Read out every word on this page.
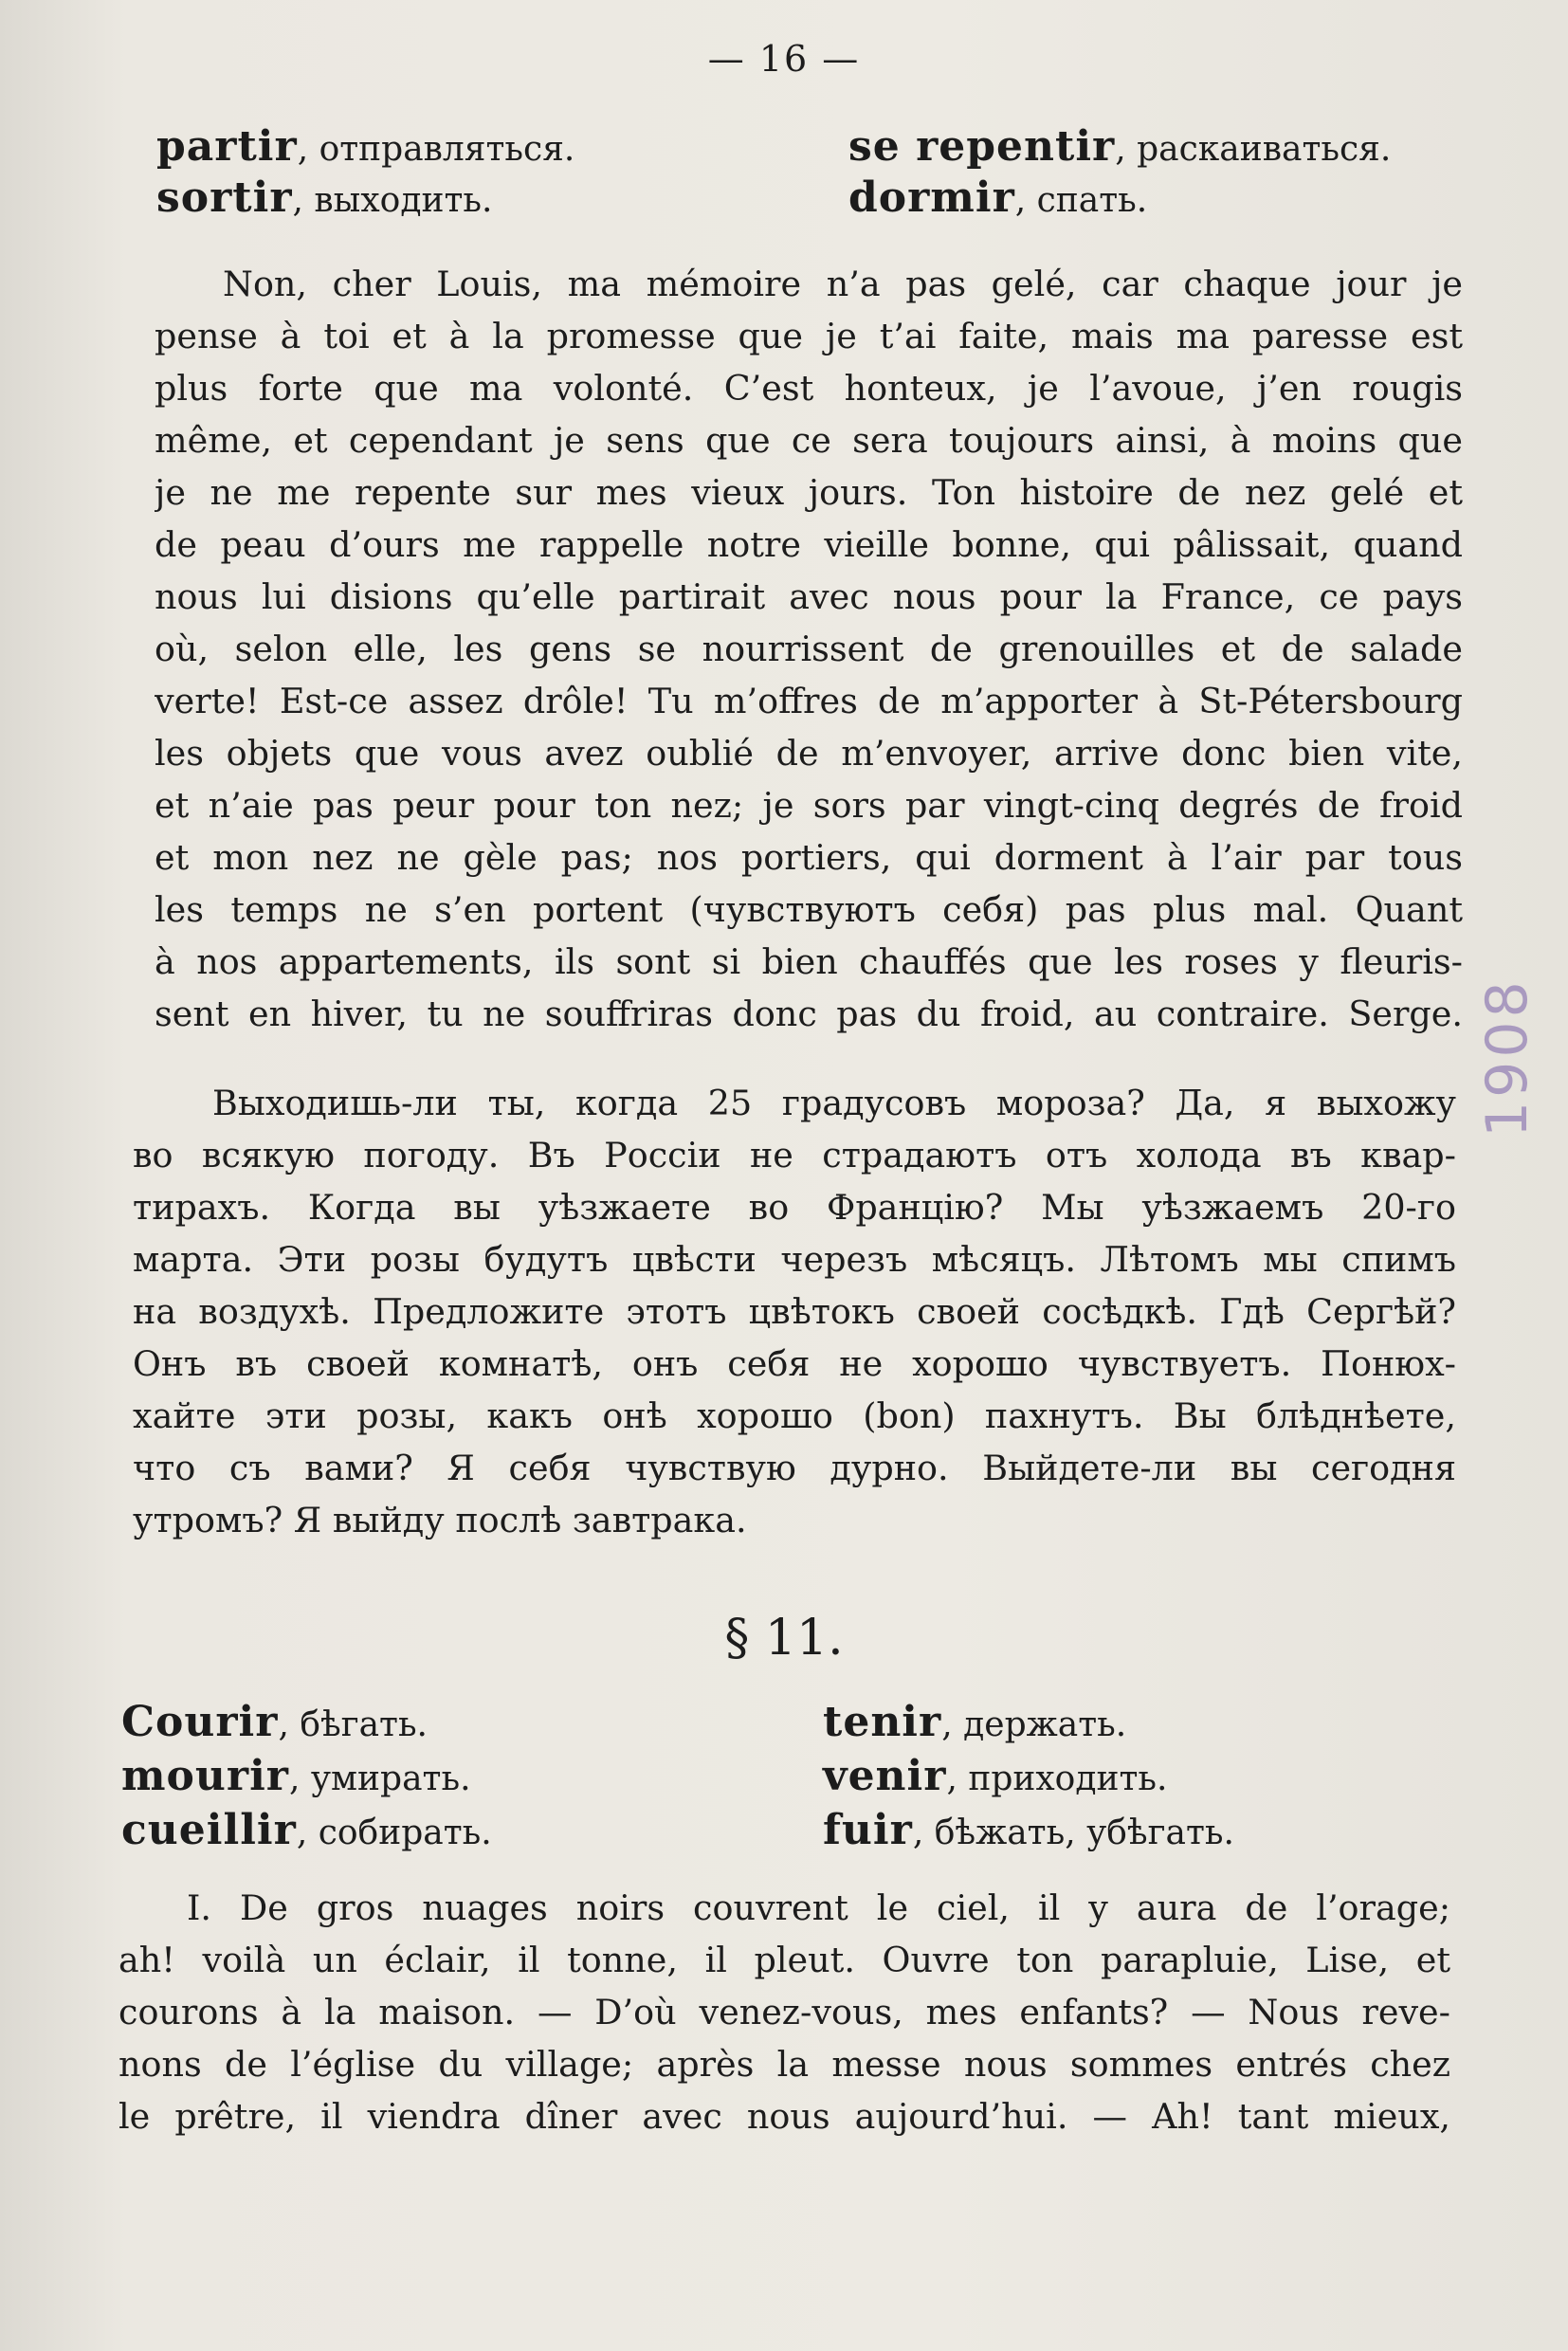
— 16 —
partir, отправляться.
sortir, выходить.
se repentir, раскаиваться.
dormir, спать.
Non, cher Louis, ma mémoire n’a pas gelé, car chaque jour je
pense à toi et à la promesse que je t’ai faite, mais ma paresse est
plus forte que ma volonté. C’est honteux, je l’avoue, j’en rougis
même, et cependant je sens que ce sera toujours ainsi, à moins que
je ne me repente sur mes vieux jours. Ton histoire de nez gelé et
de peau d’ours me rappelle notre vieille bonne, qui pâlissait, quand
nous lui disions qu’elle partirait avec nous pour la France, ce pays
où, selon elle, les gens se nourrissent de grenouilles et de salade
verte! Est-ce assez drôle! Tu m’offres de m’apporter à St-Pétersbourg
les objets que vous avez oublié de m’envoyer, arrive donc bien vite,
et n’aie pas peur pour ton nez; je sors par vingt-cinq degrés de froid
et mon nez ne gèle pas; nos portiers, qui dorment à l’air par tous
les temps ne s’en portent (чувствуютъ себя) pas plus mal. Quant
à nos appartements, ils sont si bien chauffés que les roses y fleuris-
sent en hiver, tu ne souffriras donc pas du froid, au contraire. Serge.
Выходишь-ли ты, когда 25 градусовъ мороза? Да, я выхожу
во всякую погоду. Въ Россіи не страдаютъ отъ холода въ квар-
тирахъ. Когда вы уѣзжаете во Францію? Мы уѣзжаемъ 20-го
марта. Эти розы будутъ цвѣсти черезъ мѣсяцъ. Лѣтомъ мы спимъ
на воздухѣ. Предложите этотъ цвѣтокъ своей сосѣдкѣ. Гдѣ Сергѣй?
Онъ въ своей комнатѣ, онъ себя не хорошо чувствуетъ. Понюх-
хайте эти розы, какъ онѣ хорошо (bon) пахнутъ. Вы блѣднѣете,
что съ вами? Я себя чувствую дурно. Выйдете-ли вы сегодня
утромъ? Я выйду послѣ завтрака.
§ 11.
Courir, бѣгать.
mourir, умирать.
cueillir, собирать.
tenir, держать.
venir, приходить.
fuir, бѣжать, убѣгать.
I. De gros nuages noirs couvrent le ciel, il y aura de l’orage;
ah! voilà un éclair, il tonne, il pleut. Ouvre ton parapluie, Lise, et
courons à la maison. — D’où venez-vous, mes enfants? — Nous reve-
nons de l’église du village; après la messe nous sommes entrés chez
le prêtre, il viendra dîner avec nous aujourd’hui. — Ah! tant mieux,
1908
